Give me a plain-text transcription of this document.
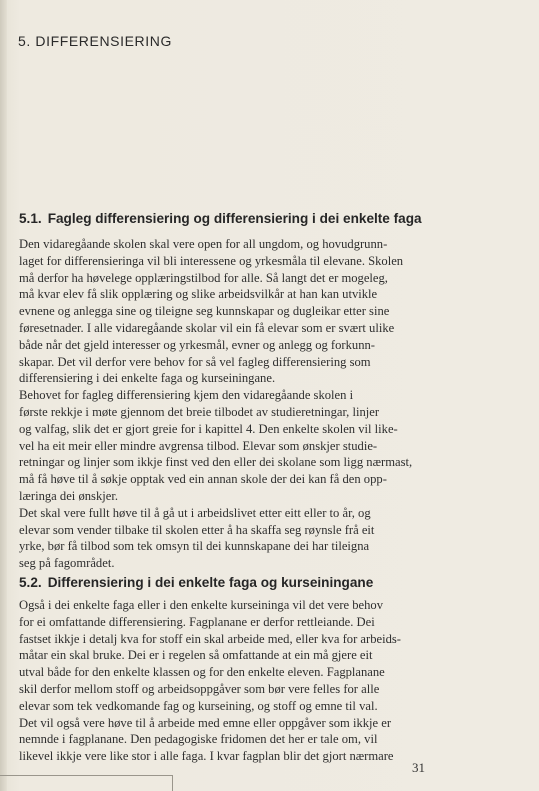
5. DIFFERENSIERING
5.1. Fagleg differensiering og differensiering i dei enkelte faga
Den vidaregåande skolen skal vere open for all ungdom, og hovudgrunn-
laget for differensieringa vil bli interessene og yrkesmåla til elevane. Skolen
må derfor ha høvelege opplæringstilbod for alle. Så langt det er mogeleg,
må kvar elev få slik opplæring og slike arbeidsvilkår at han kan utvikle
evnene og anlegga sine og tileigne seg kunnskapar og dugleikar etter sine
føresetnader. I alle vidaregåande skolar vil ein få elevar som er svært ulike
både når det gjeld interesser og yrkesmål, evner og anlegg og forkunn-
skapar. Det vil derfor vere behov for så vel fagleg differensiering som
differensiering i dei enkelte faga og kurseiningane.
Behovet for fagleg differensiering kjem den vidaregåande skolen i
første rekkje i møte gjennom det breie tilbodet av studieretningar, linjer
og valfag, slik det er gjort greie for i kapittel 4. Den enkelte skolen vil like-
vel ha eit meir eller mindre avgrensa tilbod. Elevar som ønskjer studie-
retningar og linjer som ikkje finst ved den eller dei skolane som ligg nærmast,
må få høve til å søkje opptak ved ein annan skole der dei kan få den opp-
læringa dei ønskjer.
Det skal vere fullt høve til å gå ut i arbeidslivet etter eitt eller to år, og
elevar som vender tilbake til skolen etter å ha skaffa seg røynsle frå eit
yrke, bør få tilbod som tek omsyn til dei kunnskapane dei har tileigna
seg på fagområdet.
5.2. Differensiering i dei enkelte faga og kurseiningane
Også i dei enkelte faga eller i den enkelte kurseininga vil det vere behov
for ei omfattande differensiering. Fagplanane er derfor rettleiande. Dei
fastset ikkje i detalj kva for stoff ein skal arbeide med, eller kva for arbeids-
måtar ein skal bruke. Dei er i regelen så omfattande at ein må gjere eit
utval både for den enkelte klassen og for den enkelte eleven. Fagplanane
skil derfor mellom stoff og arbeidsoppgåver som bør vere felles for alle
elevar som tek vedkomande fag og kurseining, og stoff og emne til val.
Det vil også vere høve til å arbeide med emne eller oppgåver som ikkje er
nemnde i fagplanane. Den pedagogiske fridomen det her er tale om, vil
likevel ikkje vere like stor i alle faga. I kvar fagplan blir det gjort nærmare
31
